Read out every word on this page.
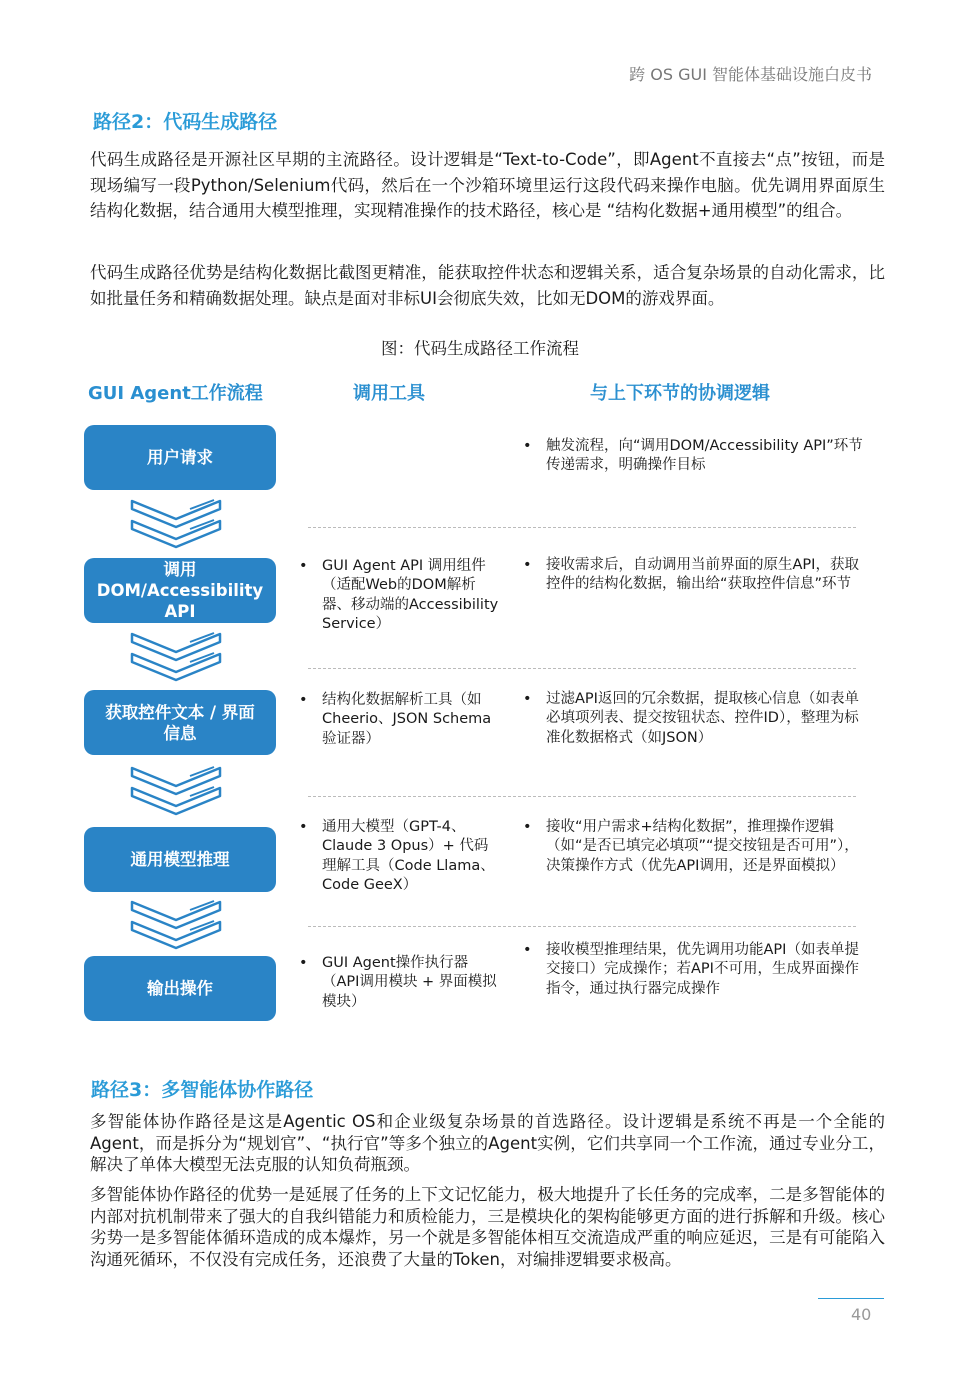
跨 OS GUI 智能体基础设施白皮书
路径2：代码生成路径
代码生成路径是开源社区早期的主流路径。设计逻辑是“Text-to-Code”，即Agent不直接去“点”按钮，而是现场编写一段Python/Selenium代码，然后在一个沙箱环境里运行这段代码来操作电脑。优先调用界面原生结构化数据，结合通用大模型推理，实现精准操作的技术路径，核心是 “结构化数据+通用模型”的组合。
代码生成路径优势是结构化数据比截图更精准，能获取控件状态和逻辑关系，适合复杂场景的自动化需求，比如批量任务和精确数据处理。缺点是面对非标UI会彻底失效，比如无DOM的游戏界面。
图：代码生成路径工作流程
GUI Agent工作流程	调用工具	与上下环节的协调逻辑
用户请求
• 触发流程，向“调用DOM/Accessibility API”环节传递需求，明确操作目标
调用
DOM/Accessibility
API
• GUI Agent API 调用组件（适配Web的DOM解析器、移动端的Accessibility Service）
• 接收需求后，自动调用当前界面的原生API，获取控件的结构化数据，输出给“获取控件信息”环节
获取控件文本 / 界面
信息
• 结构化数据解析工具（如 Cheerio、JSON Schema 验证器）
• 过滤API返回的冗余数据，提取核心信息（如表单必填项列表、提交按钮状态、控件ID），整理为标准化数据格式（如JSON）
通用模型推理
• 通用大模型（GPT-4、Claude 3 Opus）+ 代码理解工具（Code Llama、Code GeeX）
• 接收“用户需求+结构化数据”，推理操作逻辑（如“是否已填完必填项”“提交按钮是否可用”），决策操作方式（优先API调用，还是界面模拟）
输出操作
• GUI Agent操作执行器（API调用模块 + 界面模拟模块）
• 接收模型推理结果，优先调用功能API（如表单提交接口）完成操作；若API不可用，生成界面操作指令，通过执行器完成操作
路径3：多智能体协作路径
多智能体协作路径是这是Agentic OS和企业级复杂场景的首选路径。设计逻辑是系统不再是一个全能的Agent，而是拆分为“规划官”、“执行官”等多个独立的Agent实例，它们共享同一个工作流，通过专业分工，解决了单体大模型无法克服的认知负荷瓶颈。
多智能体协作路径的优势一是延展了任务的上下文记忆能力，极大地提升了长任务的完成率，二是多智能体的内部对抗机制带来了强大的自我纠错能力和质检能力，三是模块化的架构能够更方面的进行拆解和升级。核心劣势一是多智能体循环造成的成本爆炸，另一个就是多智能体相互交流造成严重的响应延迟，三是有可能陷入沟通死循环，不仅没有完成任务，还浪费了大量的Token，对编排逻辑要求极高。
40
